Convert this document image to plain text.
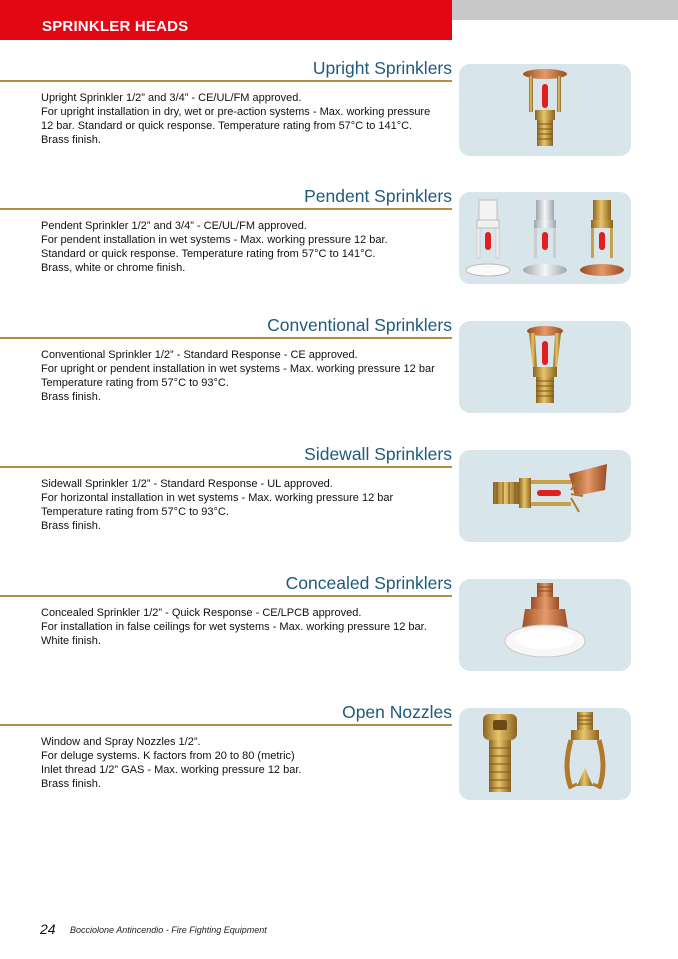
SPRINKLER HEADS
Upright Sprinklers
Upright Sprinkler 1/2” and 3/4” - CE/UL/FM approved.
For upright installation in dry, wet or pre-action systems - Max. working pressure
12 bar. Standard or quick response. Temperature rating from 57°C to 141°C.
Brass finish.
Pendent Sprinklers
Pendent Sprinkler 1/2” and 3/4” - CE/UL/FM approved.
For pendent installation in wet systems - Max. working pressure 12 bar.
Standard or quick response. Temperature rating from 57°C to 141°C.
Brass, white or chrome finish.
Conventional Sprinklers
Conventional Sprinkler 1/2” - Standard Response - CE approved.
For upright or pendent installation in wet systems - Max. working pressure 12 bar
Temperature rating from 57°C to 93°C.
Brass finish.
Sidewall Sprinklers
Sidewall Sprinkler 1/2” - Standard Response - UL approved.
For horizontal installation in wet systems - Max. working pressure 12 bar
Temperature rating from 57°C to 93°C.
Brass finish.
Concealed Sprinklers
Concealed Sprinkler 1/2” - Quick Response - CE/LPCB approved.
For installation in false ceilings for wet systems - Max. working pressure 12 bar.
White finish.
Open Nozzles
Window and Spray Nozzles 1/2”.
For deluge systems. K factors from 20 to 80 (metric)
Inlet thread 1/2” GAS - Max. working pressure 12 bar.
Brass finish.
24 Bocciolone Antincendio - Fire Fighting Equipment
